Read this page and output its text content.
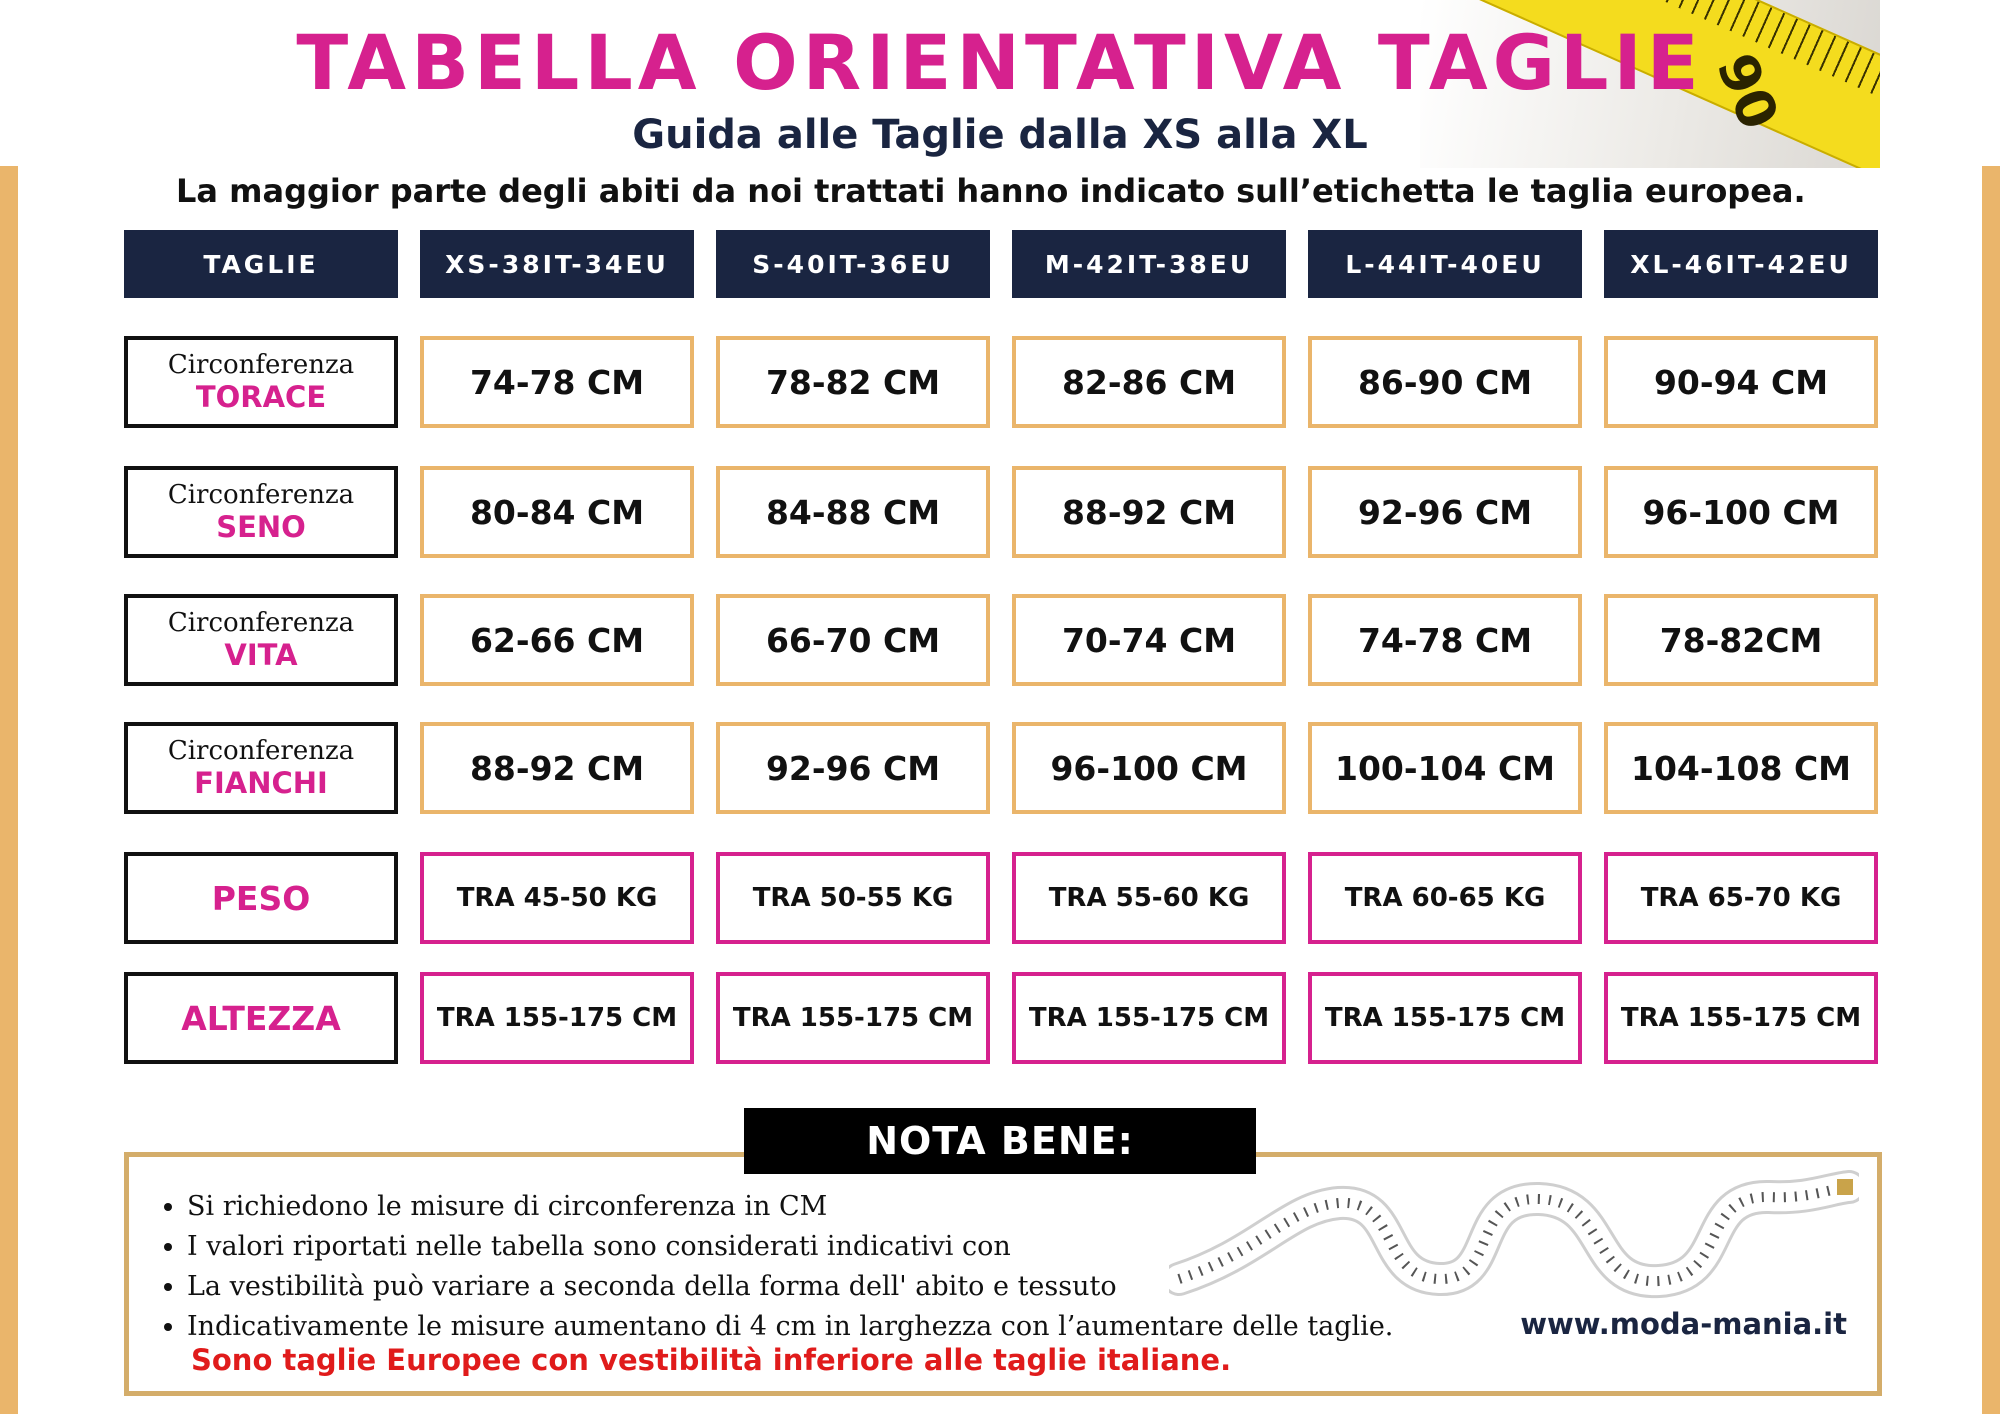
90
TABELLA ORIENTATIVA TAGLIE
Guida alle Taglie dalla XS alla XL
La maggior parte degli abiti da noi trattati hanno indicato sull’etichetta le taglia europea.
TAGLIE	XS-38IT-34EU	S-40IT-36EU	M-42IT-38EU	L-44IT-40EU	XL-46IT-42EU
Circonferenza
TORACE	74-78 CM	78-82 CM	82-86 CM	86-90 CM	90-94 CM
Circonferenza
SENO	80-84 CM	84-88 CM	88-92 CM	92-96 CM	96-100 CM
Circonferenza
VITA	62-66 CM	66-70 CM	70-74 CM	74-78 CM	78-82CM
Circonferenza
FIANCHI	88-92 CM	92-96 CM	96-100 CM	100-104 CM	104-108 CM
PESO	TRA 45-50 KG	TRA 50-55 KG	TRA 55-60 KG	TRA 60-65 KG	TRA 65-70 KG
ALTEZZA	TRA 155-175 CM	TRA 155-175 CM	TRA 155-175 CM	TRA 155-175 CM	TRA 155-175 CM
NOTA BENE:
• Si richiedono le misure di circonferenza in CM
• I valori riportati nelle tabella sono considerati indicativi con
• La vestibilità può variare a seconda della forma dell' abito e tessuto
• Indicativamente le misure aumentano di 4 cm in larghezza con l’aumentare delle taglie.
Sono taglie Europee con vestibilità inferiore alle taglie italiane.
www.moda-mania.it
